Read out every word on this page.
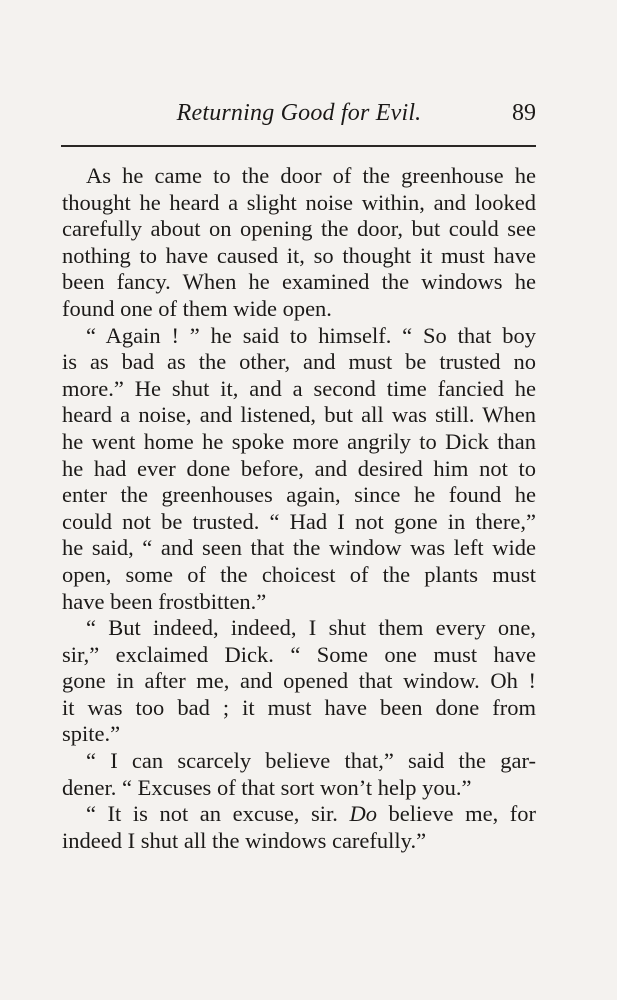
Returning Good for Evil.	89
As he came to the door of the greenhouse he
thought he heard a slight noise within, and looked
carefully about on opening the door, but could see
nothing to have caused it, so thought it must have
been fancy. When he examined the windows he
found one of them wide open.
“ Again ! ” he said to himself. “ So that boy
is as bad as the other, and must be trusted no
more.” He shut it, and a second time fancied he
heard a noise, and listened, but all was still. When
he went home he spoke more angrily to Dick than
he had ever done before, and desired him not to
enter the greenhouses again, since he found he
could not be trusted. “ Had I not gone in there,”
he said, “ and seen that the window was left wide
open, some of the choicest of the plants must
have been frostbitten.”
“ But indeed, indeed, I shut them every one,
sir,” exclaimed Dick. “ Some one must have
gone in after me, and opened that window. Oh !
it was too bad ; it must have been done from
spite.”
“ I can scarcely believe that,” said the gar-
dener. “ Excuses of that sort won’t help you.”
“ It is not an excuse, sir. Do believe me, for
indeed I shut all the windows carefully.”
